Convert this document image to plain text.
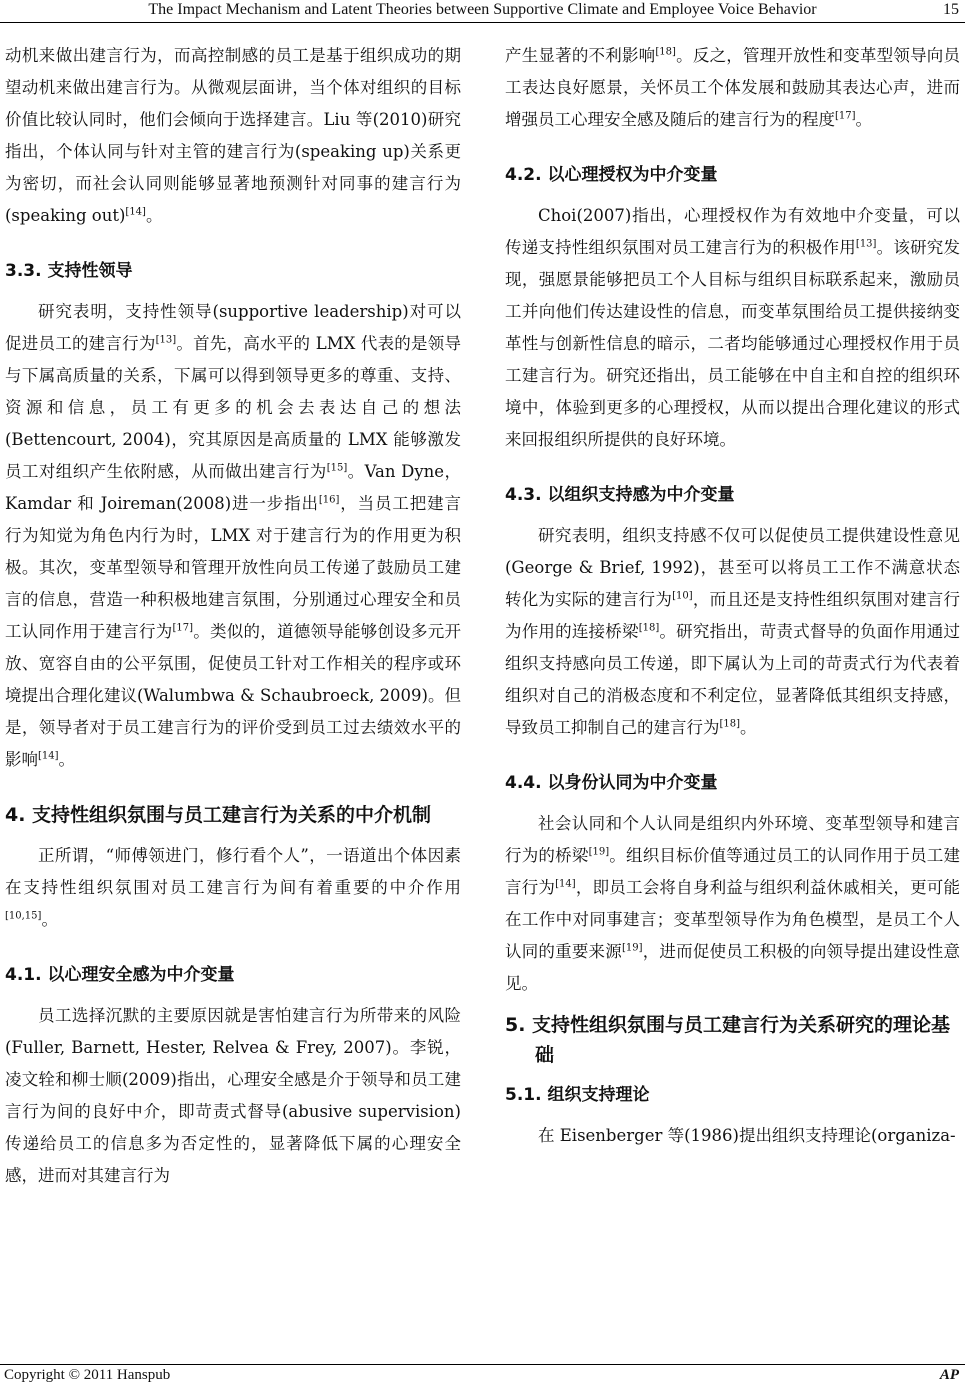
The Impact Mechanism and Latent Theories between Supportive Climate and Employee Voice Behavior	15

动机来做出建言行为，而高控制感的员工是基于组织成功的期望动机来做出建言行为。从微观层面讲，当个体对组织的目标价值比较认同时，他们会倾向于选择建言。Liu 等(2010)研究指出，个体认同与针对主管的建言行为(speaking up)关系更为密切，而社会认同则能够显著地预测针对同事的建言行为(speaking out)[14]。

3.3. 支持性领导

研究表明，支持性领导(supportive leadership)对可以促进员工的建言行为[13]。首先，高水平的 LMX 代表的是领导与下属高质量的关系，下属可以得到领导更多的尊重、支持、资源和信息，员工有更多的机会去表达自己的想法(Bettencourt, 2004)，究其原因是高质量的 LMX 能够激发员工对组织产生依附感，从而做出建言行为[15]。Van Dyne，Kamdar 和 Joireman(2008)进一步指出[16]，当员工把建言行为知觉为角色内行为时，LMX 对于建言行为的作用更为积极。其次，变革型领导和管理开放性向员工传递了鼓励员工建言的信息，营造一种积极地建言氛围，分别通过心理安全和员工认同作用于建言行为[17]。类似的，道德领导能够创设多元开放、宽容自由的公平氛围，促使员工针对工作相关的程序或环境提出合理化建议(Walumbwa & Schaubroeck, 2009)。但是，领导者对于员工建言行为的评价受到员工过去绩效水平的影响[14]。

4. 支持性组织氛围与员工建言行为关系的中介机制

正所谓，“师傅领进门，修行看个人”，一语道出个体因素在支持性组织氛围对员工建言行为间有着重要的中介作用[10,15]。

4.1. 以心理安全感为中介变量

员工选择沉默的主要原因就是害怕建言行为所带来的风险(Fuller, Barnett, Hester, Relvea & Frey, 2007)。李锐，凌文辁和柳士顺(2009)指出，心理安全感是介于领导和员工建言行为间的良好中介，即苛责式督导(abusive supervision)传递给员工的信息多为否定性的，显著降低下属的心理安全感，进而对其建言行为

产生显著的不利影响[18]。反之，管理开放性和变革型领导向员工表达良好愿景，关怀员工个体发展和鼓励其表达心声，进而增强员工心理安全感及随后的建言行为的程度[17]。

4.2. 以心理授权为中介变量

Choi(2007)指出，心理授权作为有效地中介变量，可以传递支持性组织氛围对员工建言行为的积极作用[13]。该研究发现，强愿景能够把员工个人目标与组织目标联系起来，激励员工并向他们传达建设性的信息，而变革氛围给员工提供接纳变革性与创新性信息的暗示，二者均能够通过心理授权作用于员工建言行为。研究还指出，员工能够在中自主和自控的组织环境中，体验到更多的心理授权，从而以提出合理化建议的形式来回报组织所提供的良好环境。

4.3. 以组织支持感为中介变量

研究表明，组织支持感不仅可以促使员工提供建设性意见(George & Brief, 1992)，甚至可以将员工工作不满意状态转化为实际的建言行为[10]，而且还是支持性组织氛围对建言行为作用的连接桥梁[18]。研究指出，苛责式督导的负面作用通过组织支持感向员工传递，即下属认为上司的苛责式行为代表着组织对自己的消极态度和不利定位，显著降低其组织支持感，导致员工抑制自己的建言行为[18]。

4.4. 以身份认同为中介变量

社会认同和个人认同是组织内外环境、变革型领导和建言行为的桥梁[19]。组织目标价值等通过员工的认同作用于员工建言行为[14]，即员工会将自身利益与组织利益休戚相关，更可能在工作中对同事建言；变革型领导作为角色模型，是员工个人认同的重要来源[19]，进而促使员工积极的向领导提出建设性意见。

5. 支持性组织氛围与员工建言行为关系研究的理论基础
5.1. 组织支持理论

在 Eisenberger 等(1986)提出组织支持理论(organiza-

Copyright © 2011 Hanspub	AP
